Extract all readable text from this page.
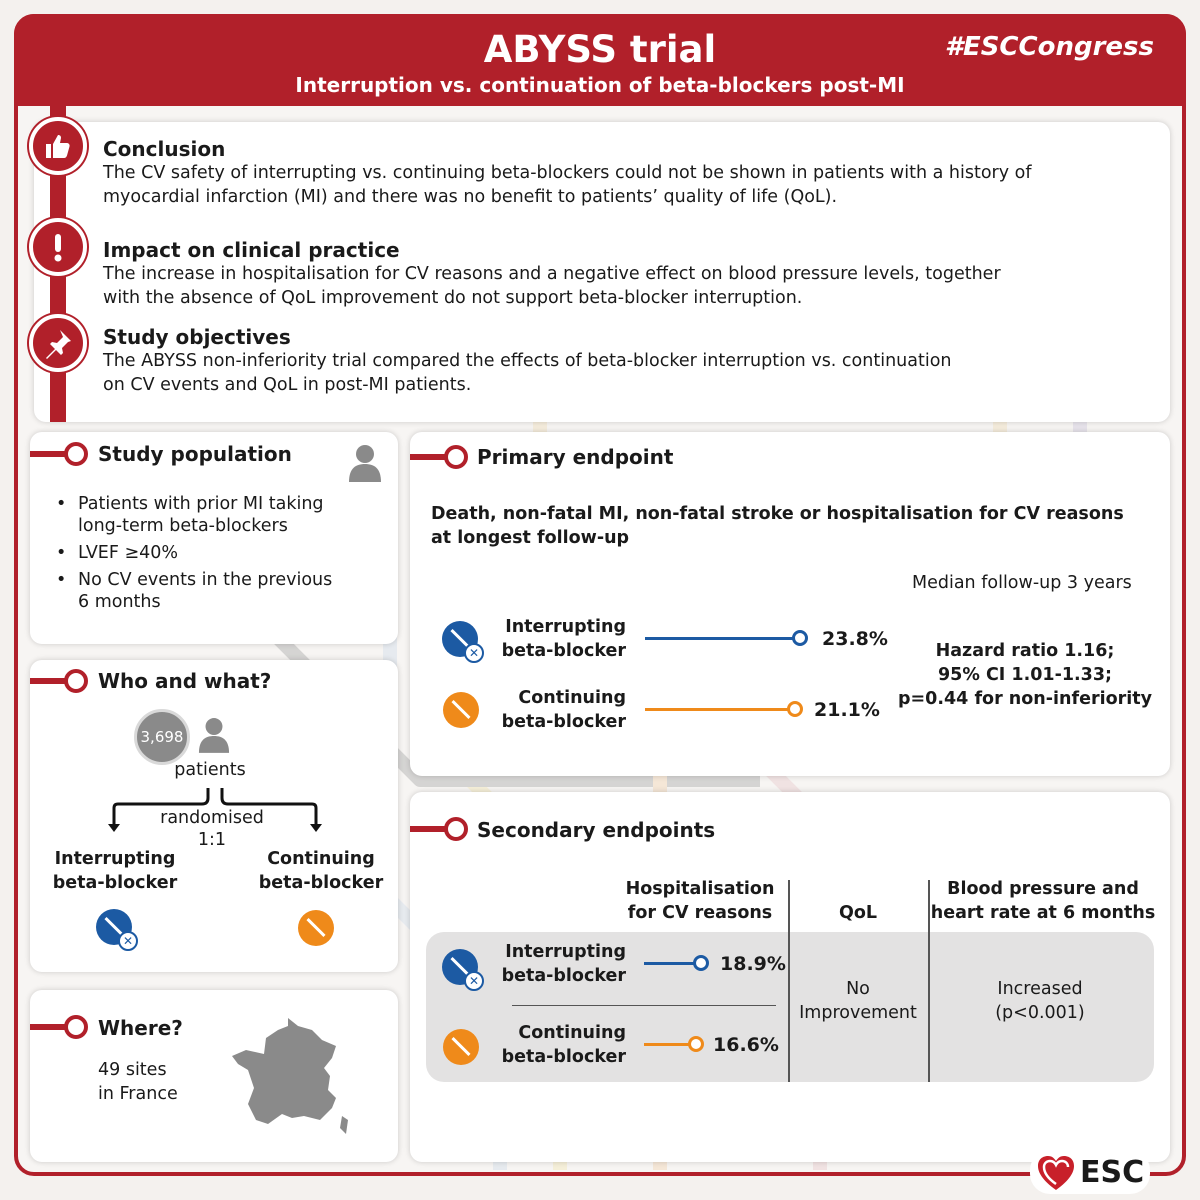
ABYSS trial
Interruption vs. continuation of beta-blockers post-MI
#ESCCongress
Conclusion
The CV safety of interrupting vs. continuing beta-blockers could not be shown in patients with a history of
myocardial infarction (MI) and there was no benefit to patients’ quality of life (QoL).
Impact on clinical practice
The increase in hospitalisation for CV reasons and a negative effect on blood pressure levels, together
with the absence of QoL improvement do not support beta-blocker interruption.
Study objectives
The ABYSS non-inferiority trial compared the effects of beta-blocker interruption vs. continuation
on CV events and QoL in post-MI patients.
Study population
• Patients with prior MI taking
long-term beta-blockers
• LVEF ≥40%
• No CV events in the previous
6 months
Who and what?
3,698
patients
randomised
1:1
Interrupting
beta-blocker
Continuing
beta-blocker
✕
Where?
49 sites
in France
Primary endpoint
Death, non-fatal MI, non-fatal stroke or hospitalisation for CV reasons
at longest follow-up
Median follow-up 3 years
✕
Interrupting
beta-blocker
23.8%
Continuing
beta-blocker
21.1%
Hazard ratio 1.16;
95% CI 1.01-1.33;
p=0.44 for non-inferiority
Secondary endpoints
Hospitalisation
for CV reasons	QoL
Blood pressure and
heart rate at 6 months
✕
Interrupting
beta-blocker
18.9%
Continuing
beta-blocker
16.6%
No
Improvement
Increased
(p<0.001)
ESC
